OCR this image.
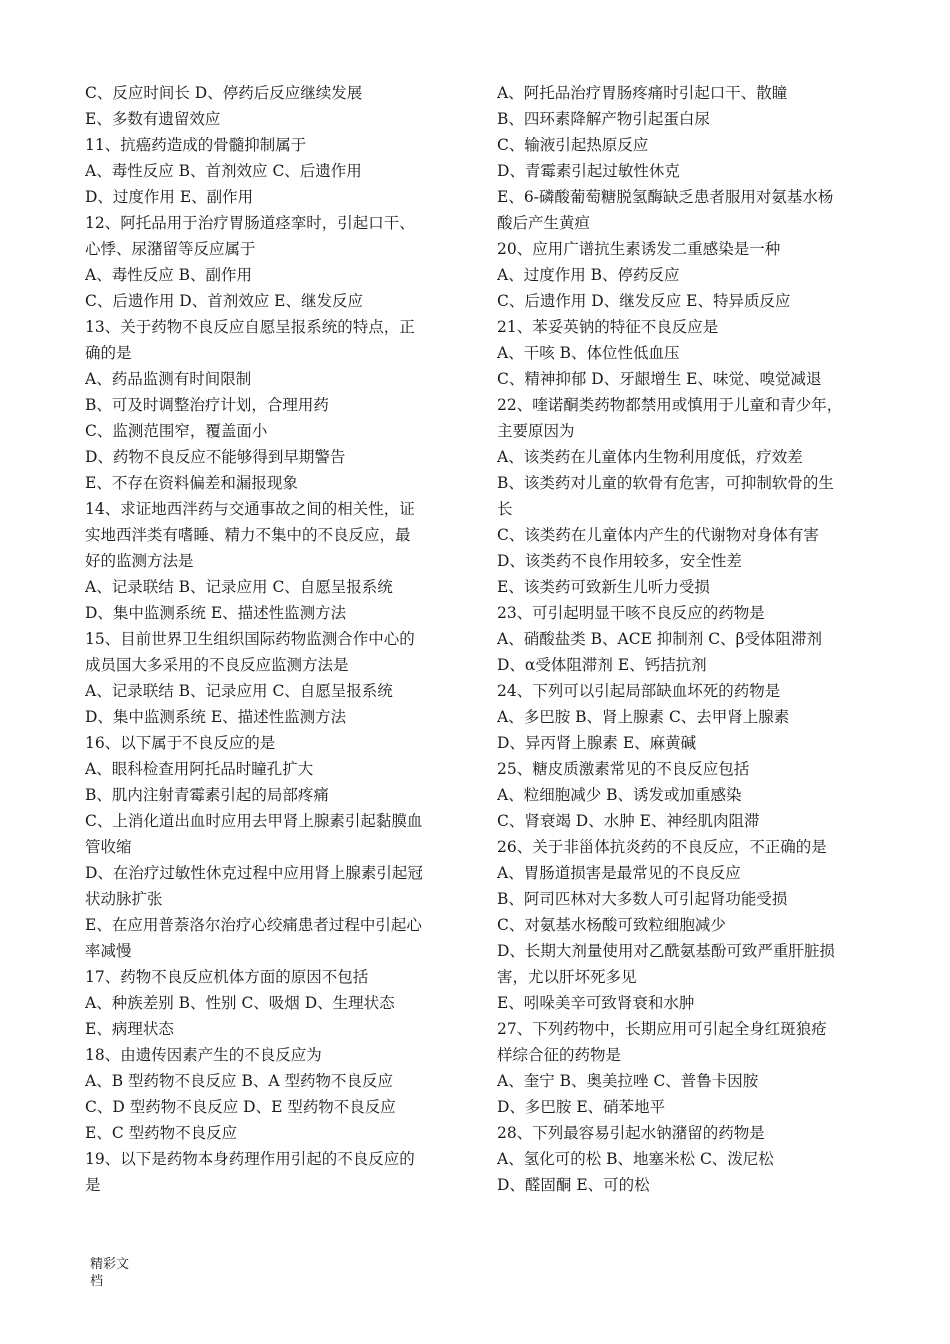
C、反应时间长 D、停药后反应继续发展
E、多数有遗留效应
11、抗癌药造成的骨髓抑制属于
A、毒性反应 B、首剂效应 C、后遗作用
D、过度作用 E、副作用
12、阿托品用于治疗胃肠道痉挛时，引起口干、
心悸、尿潴留等反应属于
A、毒性反应 B、副作用
C、后遗作用 D、首剂效应 E、继发反应
13、关于药物不良反应自愿呈报系统的特点，正
确的是
A、药品监测有时间限制
B、可及时调整治疗计划，合理用药
C、监测范围窄，覆盖面小
D、药物不良反应不能够得到早期警告
E、不存在资料偏差和漏报现象
14、求证地西泮药与交通事故之间的相关性，证
实地西泮类有嗜睡、精力不集中的不良反应，最
好的监测方法是
A、记录联结 B、记录应用 C、自愿呈报系统
D、集中监测系统 E、描述性监测方法
15、目前世界卫生组织国际药物监测合作中心的
成员国大多采用的不良反应监测方法是
A、记录联结 B、记录应用 C、自愿呈报系统
D、集中监测系统 E、描述性监测方法
16、以下属于不良反应的是
A、眼科检查用阿托品时瞳孔扩大
B、肌内注射青霉素引起的局部疼痛
C、上消化道出血时应用去甲肾上腺素引起黏膜血
管收缩
D、在治疗过敏性休克过程中应用肾上腺素引起冠
状动脉扩张
E、在应用普萘洛尔治疗心绞痛患者过程中引起心
率减慢
17、药物不良反应机体方面的原因不包括
A、种族差别 B、性别 C、吸烟 D、生理状态
E、病理状态
18、由遗传因素产生的不良反应为
A、B 型药物不良反应 B、A 型药物不良反应
C、D 型药物不良反应 D、E 型药物不良反应
E、C 型药物不良反应
19、以下是药物本身药理作用引起的不良反应的
是
A、阿托品治疗胃肠疼痛时引起口干、散瞳
B、四环素降解产物引起蛋白尿
C、输液引起热原反应
D、青霉素引起过敏性休克
E、6-磷酸葡萄糖脱氢酶缺乏患者服用对氨基水杨
酸后产生黄疸
20、应用广谱抗生素诱发二重感染是一种
A、过度作用 B、停药反应
C、后遗作用 D、继发反应 E、特异质反应
21、苯妥英钠的特征不良反应是
A、干咳 B、体位性低血压
C、精神抑郁 D、牙龈增生 E、味觉、嗅觉减退
22、喹诺酮类药物都禁用或慎用于儿童和青少年，
主要原因为
A、该类药在儿童体内生物利用度低，疗效差
B、该类药对儿童的软骨有危害，可抑制软骨的生
长
C、该类药在儿童体内产生的代谢物对身体有害
D、该类药不良作用较多，安全性差
E、该类药可致新生儿听力受损
23、可引起明显干咳不良反应的药物是
A、硝酸盐类 B、ACE 抑制剂 C、β受体阻滞剂
D、α受体阻滞剂 E、钙拮抗剂
24、下列可以引起局部缺血坏死的药物是
A、多巴胺 B、肾上腺素 C、去甲肾上腺素
D、异丙肾上腺素 E、麻黄碱
25、糖皮质激素常见的不良反应包括
A、粒细胞减少 B、诱发或加重感染
C、肾衰竭 D、水肿 E、神经肌肉阻滞
26、关于非甾体抗炎药的不良反应，不正确的是
A、胃肠道损害是最常见的不良反应
B、阿司匹林对大多数人可引起肾功能受损
C、对氨基水杨酸可致粒细胞减少
D、长期大剂量使用对乙酰氨基酚可致严重肝脏损
害，尤以肝坏死多见
E、吲哚美辛可致肾衰和水肿
27、下列药物中，长期应用可引起全身红斑狼疮
样综合征的药物是
A、奎宁 B、奥美拉唑 C、普鲁卡因胺
D、多巴胺 E、硝苯地平
28、下列最容易引起水钠潴留的药物是
A、氢化可的松 B、地塞米松 C、泼尼松
D、醛固酮 E、可的松
精彩文
档
